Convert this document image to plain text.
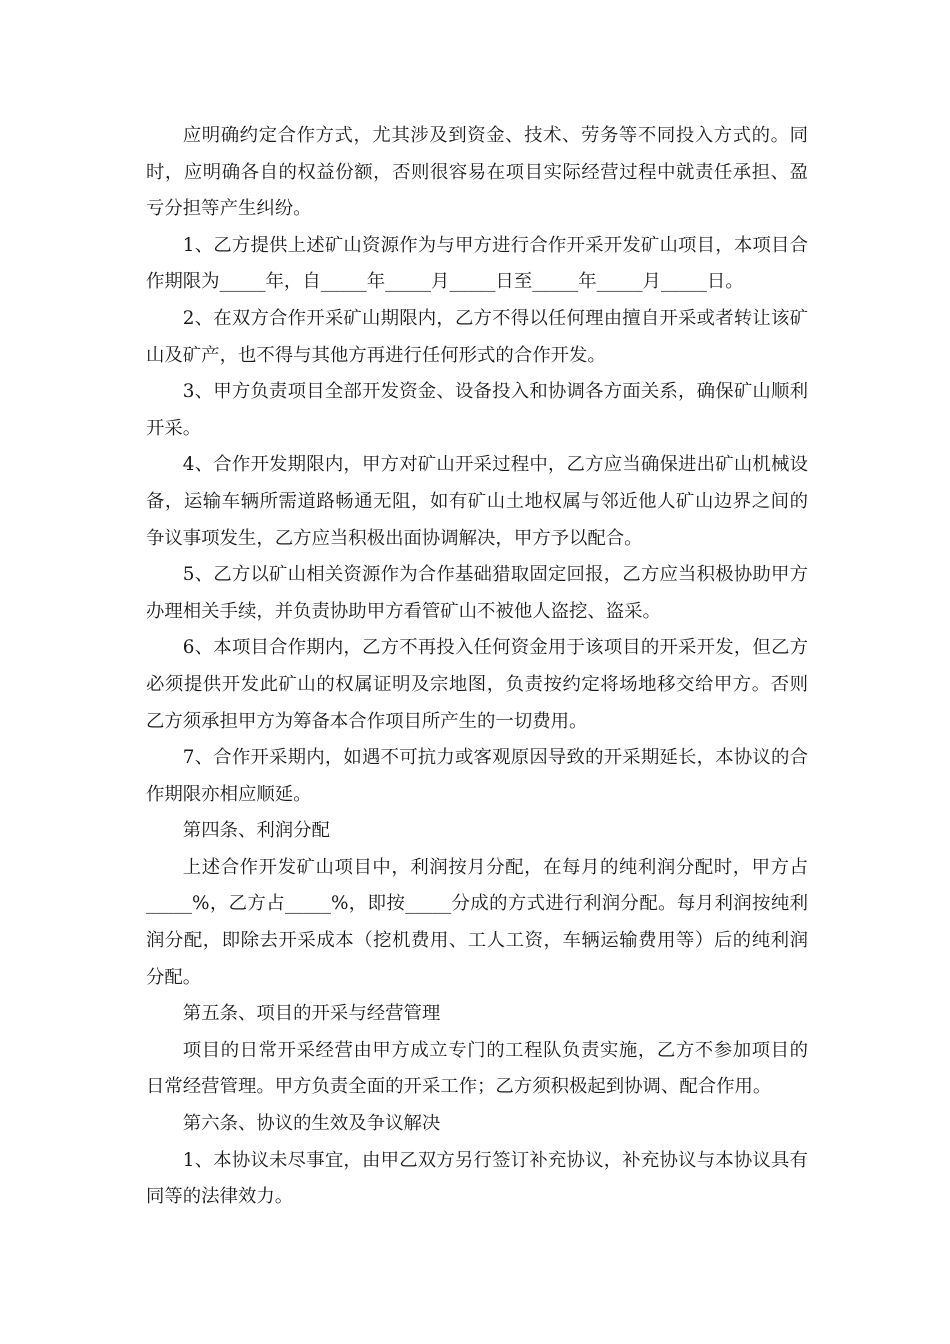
应明确约定合作方式，尤其涉及到资金、技术、劳务等不同投入方式的。同时，应明确各自的权益份额，否则很容易在项目实际经营过程中就责任承担、盈亏分担等产生纠纷。

1、乙方提供上述矿山资源作为与甲方进行合作开采开发矿山项目，本项目合作期限为_____年，自_____年_____月_____日至_____年_____月_____日。

2、在双方合作开采矿山期限内，乙方不得以任何理由擅自开采或者转让该矿山及矿产，也不得与其他方再进行任何形式的合作开发。

3、甲方负责项目全部开发资金、设备投入和协调各方面关系，确保矿山顺利开采。

4、合作开发期限内，甲方对矿山开采过程中，乙方应当确保进出矿山机械设备，运输车辆所需道路畅通无阻，如有矿山土地权属与邻近他人矿山边界之间的争议事项发生，乙方应当积极出面协调解决，甲方予以配合。

5、乙方以矿山相关资源作为合作基础猎取固定回报，乙方应当积极协助甲方办理相关手续，并负责协助甲方看管矿山不被他人盗挖、盗采。

6、本项目合作期内，乙方不再投入任何资金用于该项目的开采开发，但乙方必须提供开发此矿山的权属证明及宗地图，负责按约定将场地移交给甲方。否则乙方须承担甲方为筹备本合作项目所产生的一切费用。

7、合作开采期内，如遇不可抗力或客观原因导致的开采期延长，本协议的合作期限亦相应顺延。

第四条、利润分配

上述合作开发矿山项目中，利润按月分配，在每月的纯利润分配时，甲方占_____%，乙方占_____%，即按_____分成的方式进行利润分配。每月利润按纯利润分配，即除去开采成本（挖机费用、工人工资，车辆运输费用等）后的纯利润分配。

第五条、项目的开采与经营管理

项目的日常开采经营由甲方成立专门的工程队负责实施，乙方不参加项目的日常经营管理。甲方负责全面的开采工作；乙方须积极起到协调、配合作用。

第六条、协议的生效及争议解决

1、本协议未尽事宜，由甲乙双方另行签订补充协议，补充协议与本协议具有同等的法律效力。
